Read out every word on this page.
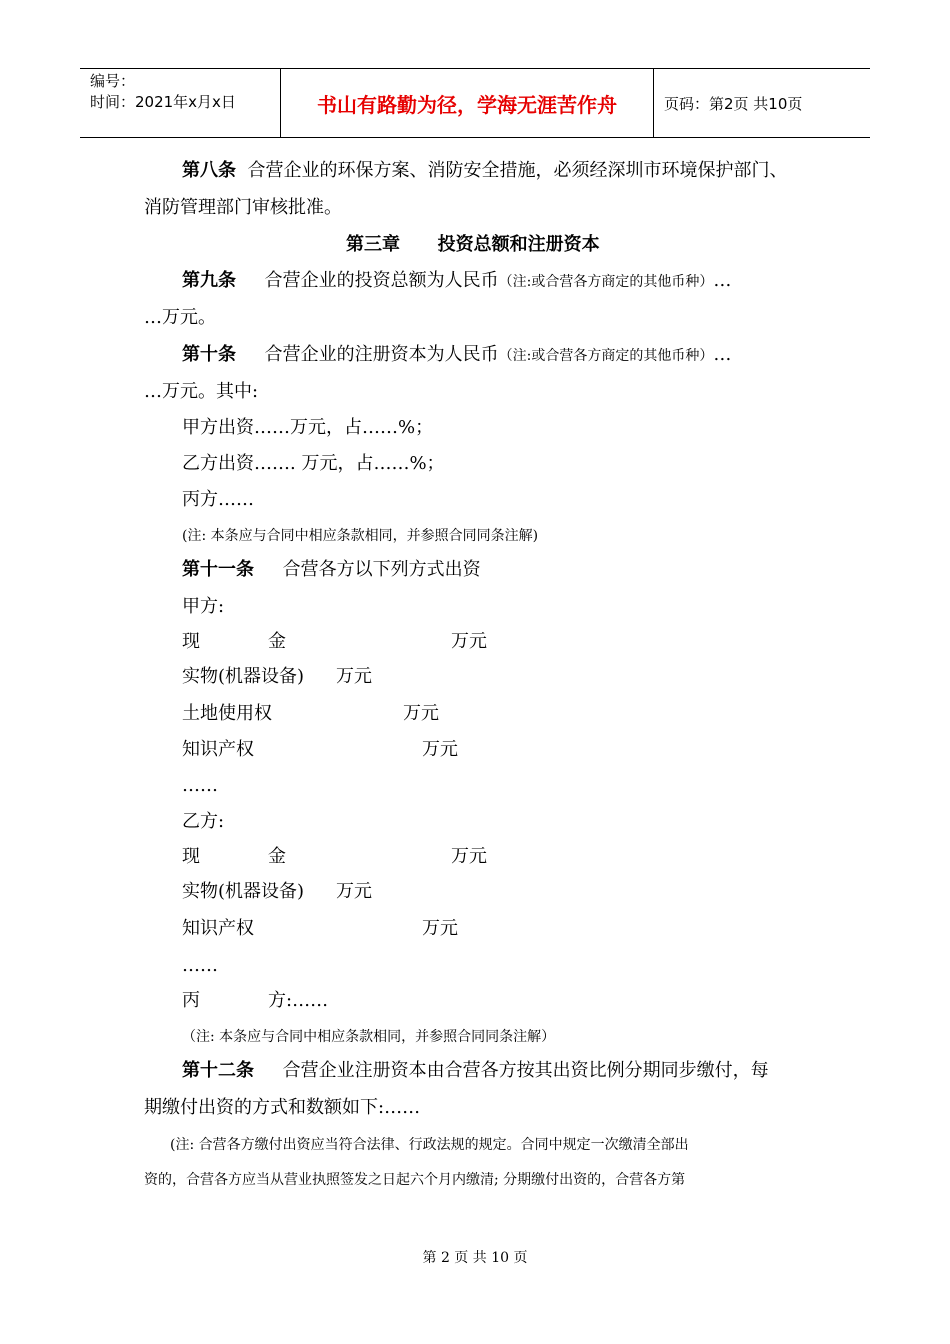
编号：
时间：2021年x月x日	书山有路勤为径，学海无涯苦作舟	页码：第2页 共10页
第八条 合营企业的环保方案、消防安全措施，必须经深圳市环境保护部门、
消防管理部门审核批准。
第三章      投资总额和注册资本
第九条 合营企业的投资总额为人民币（注:或合营各方商定的其他币种）…
…万元。
第十条 合营企业的注册资本为人民币（注:或合营各方商定的其他币种）…
…万元。其中:
甲方出资……万元，占……%；
乙方出资……. 万元，占……%；
丙方……
(注: 本条应与合同中相应条款相同，并参照合同同条注解)
第十一条 合营各方以下列方式出资
甲方:
现	金	万元
实物(机器设备) 万元
土地使用权	万元
知识产权	万元
……
乙方:
现	金	万元
实物(机器设备) 万元
知识产权	万元
……
丙	方:……
（注: 本条应与合同中相应条款相同，并参照合同同条注解）
第十二条 合营企业注册资本由合营各方按其出资比例分期同步缴付，每
期缴付出资的方式和数额如下:……
(注: 合营各方缴付出资应当符合法律、行政法规的规定。合同中规定一次缴清全部出
资的，合营各方应当从营业执照签发之日起六个月内缴清; 分期缴付出资的，合营各方第
第 2 页 共 10 页
